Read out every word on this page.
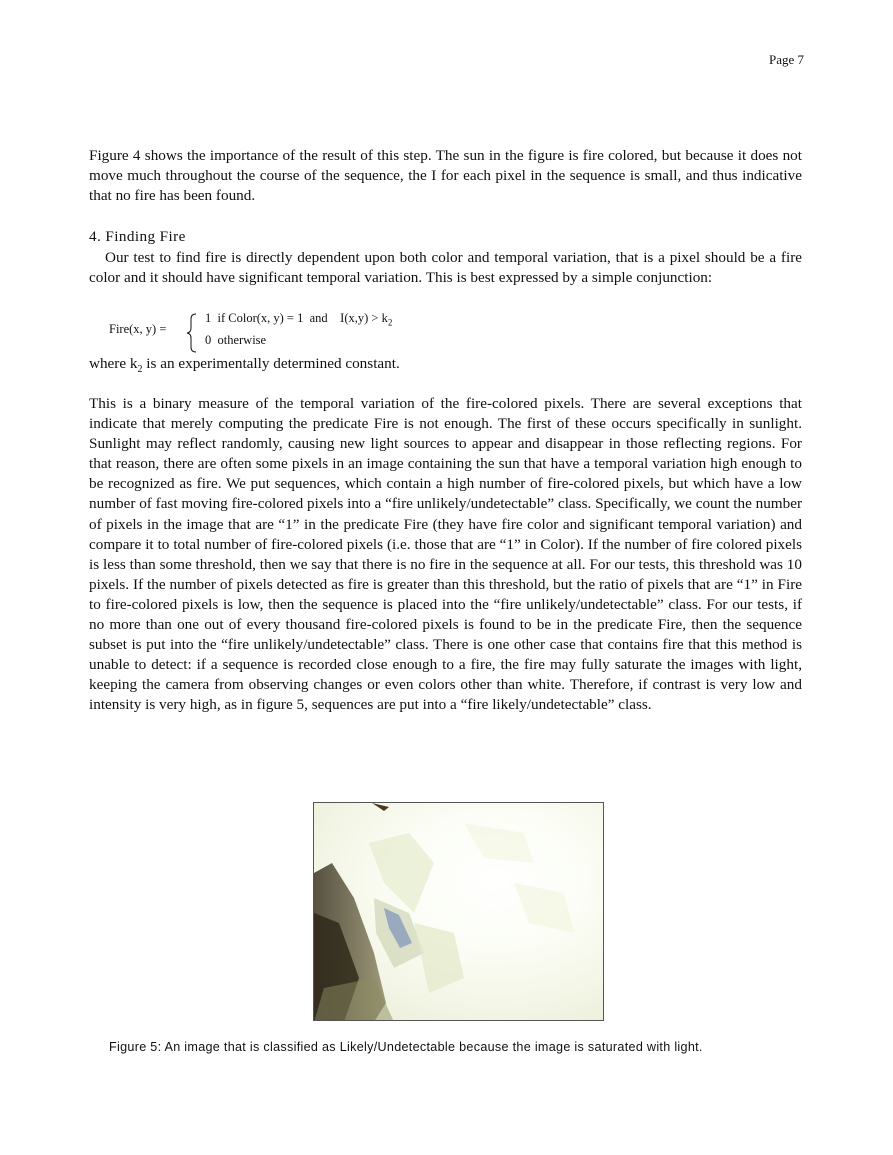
Page 7

Figure 4 shows the importance of the result of this step. The sun in the figure is fire colored, but because it does not move much throughout the course of the sequence, the I for each pixel in the sequence is small, and thus indicative that no fire has been found.

4. Finding Fire

Our test to find fire is directly dependent upon both color and temporal variation, that is a pixel should be a fire color and it should have significant temporal variation. This is best expressed by a simple conjunction:

Fire(x, y) =
1  if Color(x, y) = 1  and    $I(x,y) > k_2$
0  otherwise

where $k_2$ is an experimentally determined constant.

This is a binary measure of the temporal variation of the fire-colored pixels. There are several exceptions that indicate that merely computing the predicate Fire is not enough. The first of these occurs specifically in sunlight. Sunlight may reflect randomly, causing new light sources to appear and disappear in those reflecting regions. For that reason, there are often some pixels in an image containing the sun that have a temporal variation high enough to be recognized as fire. We put sequences, which contain a high number of fire-colored pixels, but which have a low number of fast moving fire-colored pixels into a “fire unlikely/undetectable” class. Specifically, we count the number of pixels in the image that are “1” in the predicate Fire (they have fire color and significant temporal variation) and compare it to total number of fire-colored pixels (i.e. those that are “1” in Color). If the number of fire colored pixels is less than some threshold, then we say that there is no fire in the sequence at all. For our tests, this threshold was 10 pixels. If the number of pixels detected as fire is greater than this threshold, but the ratio of pixels that are “1” in Fire to fire-colored pixels is low, then the sequence is placed into the “fire unlikely/undetectable” class. For our tests, if no more than one out of every thousand fire-colored pixels is found to be in the predicate Fire, then the sequence subset is put into the “fire unlikely/undetectable” class. There is one other case that contains fire that this method is unable to detect: if a sequence is recorded close enough to a fire, the fire may fully saturate the images with light, keeping the camera from observing changes or even colors other than white. Therefore, if contrast is very low and intensity is very high, as in figure 5, sequences are put into a “fire likely/undetectable” class.

Figure 5: An image that is classified as Likely/Undetectable because the image is saturated with light.
